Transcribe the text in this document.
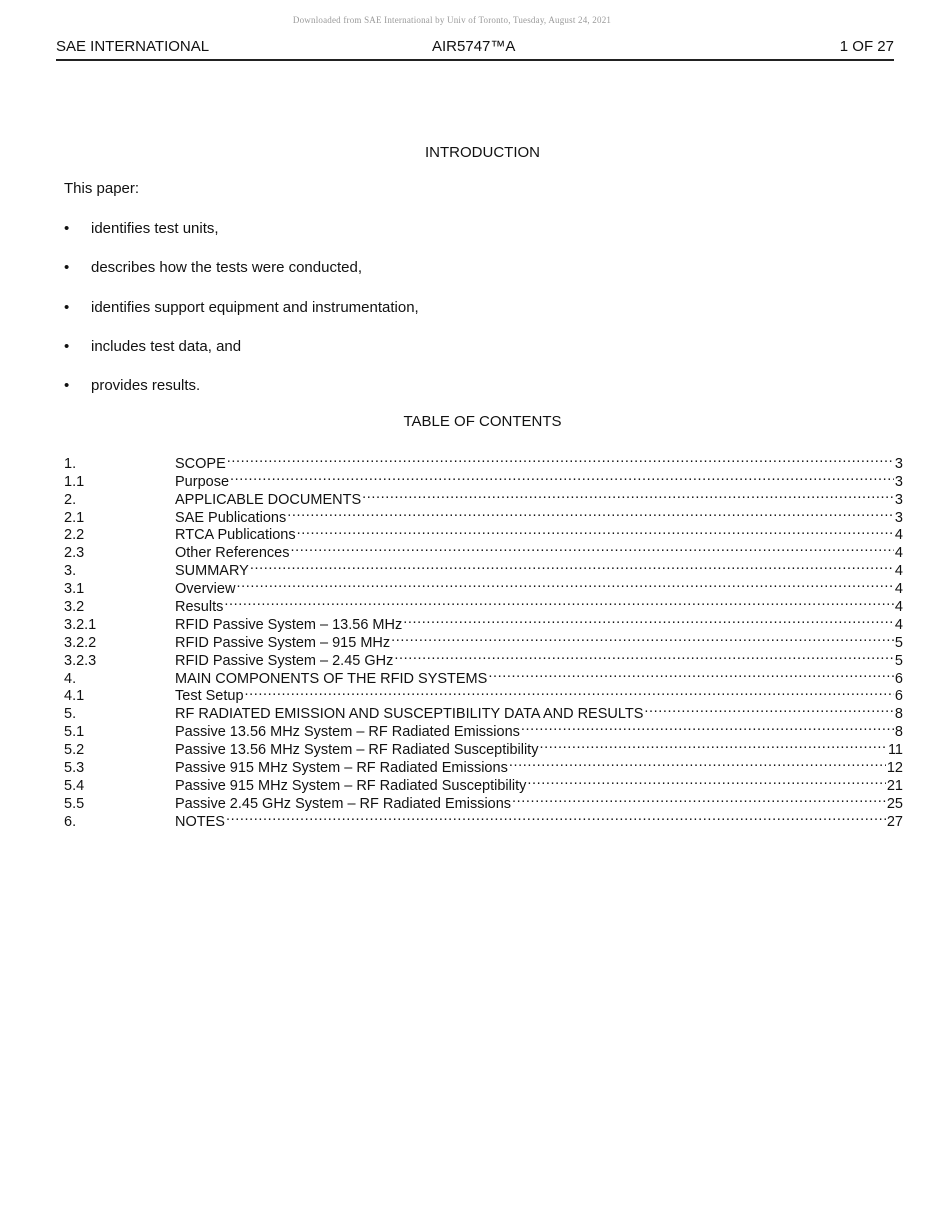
Downloaded from SAE International by Univ of Toronto, Tuesday, August 24, 2021
SAE INTERNATIONAL	AIR5747™A	1 OF 27
INTRODUCTION
This paper:
• identifies test units,
• describes how the tests were conducted,
• identifies support equipment and instrumentation,
• includes test data, and
• provides results.
TABLE OF CONTENTS
1.	SCOPE .....	3
1.1	Purpose .....	3
2.	APPLICABLE DOCUMENTS .....	3
2.1	SAE Publications .....	3
2.2	RTCA Publications .....	4
2.3	Other References .....	4
3.	SUMMARY .....	4
3.1	Overview .....	4
3.2	Results .....	4
3.2.1	RFID Passive System – 13.56 MHz .....	4
3.2.2	RFID Passive System – 915 MHz .....	5
3.2.3	RFID Passive System – 2.45 GHz .....	5
4.	MAIN COMPONENTS OF THE RFID SYSTEMS .....	6
4.1	Test Setup .....	6
5.	RF RADIATED EMISSION AND SUSCEPTIBILITY DATA AND RESULTS .....	8
5.1	Passive 13.56 MHz System – RF Radiated Emissions .....	8
5.2	Passive 13.56 MHz System – RF Radiated Susceptibility .....	11
5.3	Passive 915 MHz System – RF Radiated Emissions .....	12
5.4	Passive 915 MHz System – RF Radiated Susceptibility .....	21
5.5	Passive 2.45 GHz System – RF Radiated Emissions .....	25
6.	NOTES .....	27
